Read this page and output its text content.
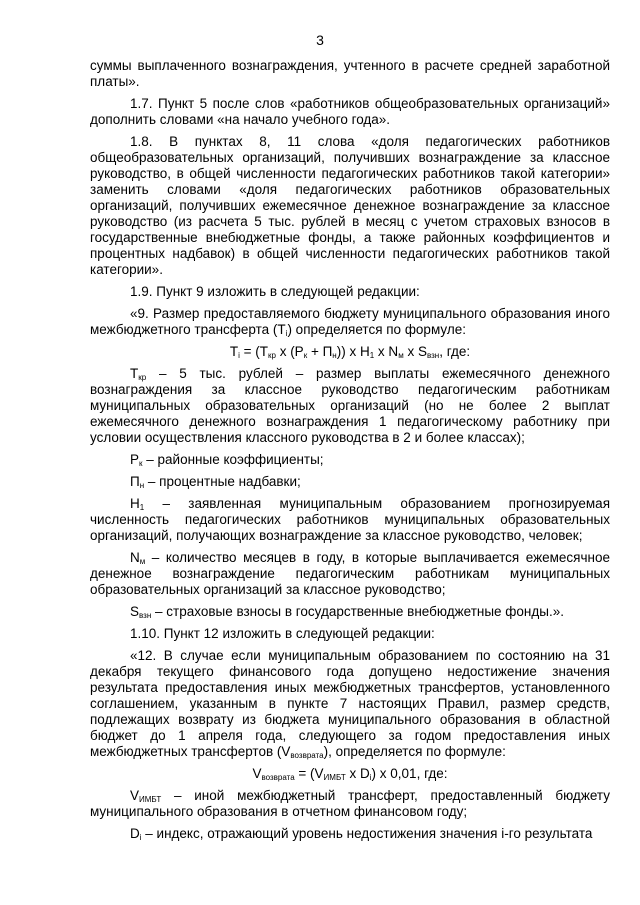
3

суммы выплаченного вознаграждения, учтенного в расчете средней заработной платы».

1.7. Пункт 5 после слов «работников общеобразовательных организаций» дополнить словами «на начало учебного года».

1.8. В пунктах 8, 11 слова «доля педагогических работников общеобразовательных организаций, получивших вознаграждение за классное руководство, в общей численности педагогических работников такой категории» заменить словами «доля педагогических работников образовательных организаций, получивших ежемесячное денежное вознаграждение за классное руководство (из расчета 5 тыс. рублей в месяц с учетом страховых взносов в государственные внебюджетные фонды, а также районных коэффициентов и процентных надбавок) в общей численности педагогических работников такой категории».

1.9. Пункт 9 изложить в следующей редакции:

«9. Размер предоставляемого бюджету муниципального образования иного межбюджетного трансферта $(T_i)$ определяется по формуле:

$T_i = (T_{кр}$ x $(P_к + П_н)$) x $H_1$ x $N_м$ x $S_{взн}$, где:

$T_{кр} - 5$ тыс. рублей – размер выплаты ежемесячного денежного вознаграждения за классное руководство педагогическим работникам муниципальных образовательных организаций (но не более 2 выплат ежемесячного денежного вознаграждения 1 педагогическому работнику при условии осуществления классного руководства в 2 и более классах);

$P_к$ – районные коэффициенты;

$П_н$ – процентные надбавки;

$H_1$ – заявленная муниципальным образованием прогнозируемая численность педагогических работников муниципальных образовательных организаций, получающих вознаграждение за классное руководство, человек;

$N_м$ – количество месяцев в году, в которые выплачивается ежемесячное денежное вознаграждение педагогическим работникам муниципальных образовательных организаций за классное руководство;

$S_{взн}$ – страховые взносы в государственные внебюджетные фонды.».

1.10. Пункт 12 изложить в следующей редакции:

«12. В случае если муниципальным образованием по состоянию на 31 декабря текущего финансового года допущено недостижение значения результата предоставления иных межбюджетных трансфертов, установленного соглашением, указанным в пункте 7 настоящих Правил, размер средств, подлежащих возврату из бюджета муниципального образования в областной бюджет до 1 апреля года, следующего за годом предоставления иных межбюджетных трансфертов $(V_{возврата})$, определяется по формуле:

$V_{возврата} = (V_{ИМБТ}$ x $D_i$) x 0,01, где:

$V_{ИМБТ}$ – иной межбюджетный трансферт, предоставленный бюджету муниципального образования в отчетном финансовом году;

$D_i$ – индекс, отражающий уровень недостижения значения i-го результата
